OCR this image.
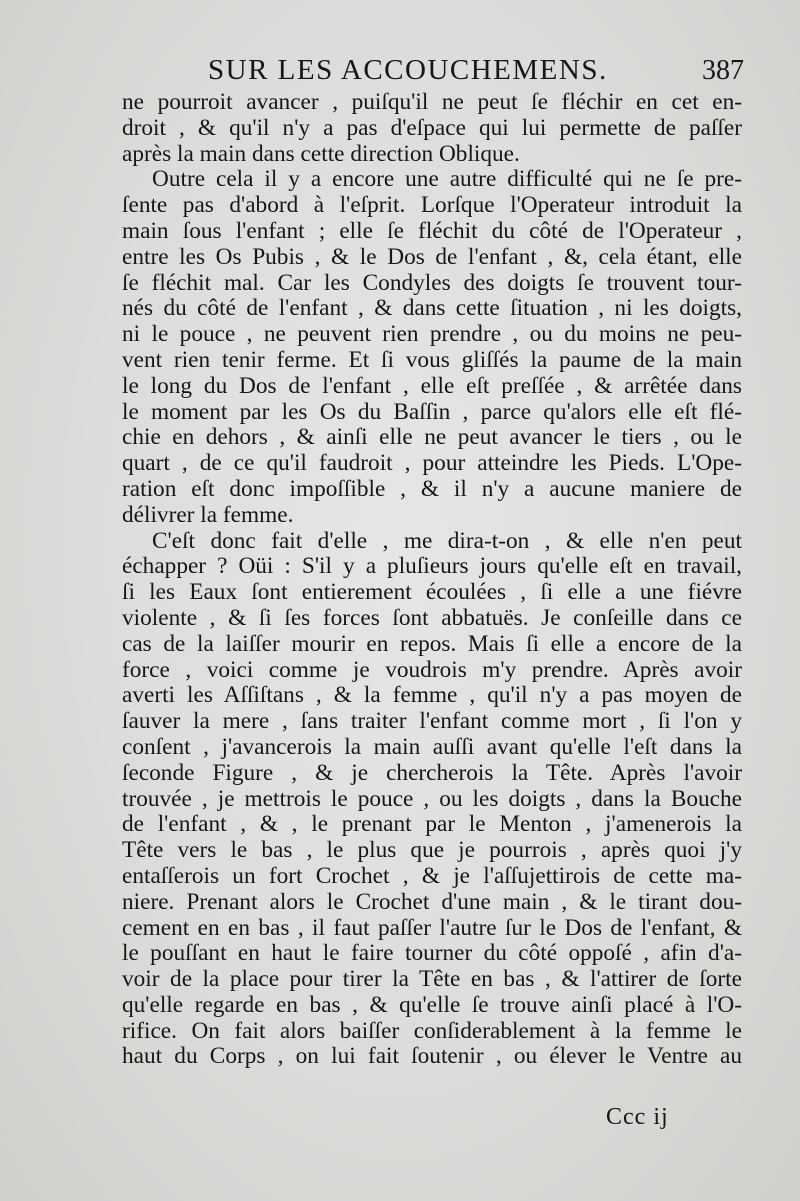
SUR LES ACCOUCHEMENS.	387
ne pourroit avancer , puiſqu'il ne peut ſe fléchir en cet en-
droit , & qu'il n'y a pas d'eſpace qui lui permette de paſſer
après la main dans cette direction Oblique.
Outre cela il y a encore une autre difficulté qui ne ſe pre-
ſente pas d'abord à l'eſprit. Lorſque l'Operateur introduit la
main ſous l'enfant ; elle ſe fléchit du côté de l'Operateur ,
entre les Os Pubis , & le Dos de l'enfant , &, cela étant, elle
ſe fléchit mal. Car les Condyles des doigts ſe trouvent tour-
nés du côté de l'enfant , & dans cette ſituation , ni les doigts,
ni le pouce , ne peuvent rien prendre , ou du moins ne peu-
vent rien tenir ferme. Et ſi vous gliſſés la paume de la main
le long du Dos de l'enfant , elle eſt preſſée , & arrêtée dans
le moment par les Os du Baſſin , parce qu'alors elle eſt flé-
chie en dehors , & ainſi elle ne peut avancer le tiers , ou le
quart , de ce qu'il faudroit , pour atteindre les Pieds. L'Ope-
ration eſt donc impoſſible , & il n'y a aucune maniere de
délivrer la femme.
C'eſt donc fait d'elle , me dira-t-on , & elle n'en peut
échapper ? Oüi : S'il y a pluſieurs jours qu'elle eſt en travail,
ſi les Eaux ſont entierement écoulées , ſi elle a une fiévre
violente , & ſi ſes forces ſont abbatuës. Je conſeille dans ce
cas de la laiſſer mourir en repos. Mais ſi elle a encore de la
force , voici comme je voudrois m'y prendre. Après avoir
averti les Aſſiſtans , & la femme , qu'il n'y a pas moyen de
ſauver la mere , ſans traiter l'enfant comme mort , ſi l'on y
conſent , j'avancerois la main auſſi avant qu'elle l'eſt dans la
ſeconde Figure , & je chercherois la Tête. Après l'avoir
trouvée , je mettrois le pouce , ou les doigts , dans la Bouche
de l'enfant , & , le prenant par le Menton , j'amenerois la
Tête vers le bas , le plus que je pourrois , après quoi j'y
entaſſerois un fort Crochet , & je l'aſſujettirois de cette ma-
niere. Prenant alors le Crochet d'une main , & le tirant dou-
cement en en bas , il faut paſſer l'autre ſur le Dos de l'enfant, &
le pouſſant en haut le faire tourner du côté oppoſé , afin d'a-
voir de la place pour tirer la Tête en bas , & l'attirer de ſorte
qu'elle regarde en bas , & qu'elle ſe trouve ainſi placé à l'O-
rifice. On fait alors baiſſer conſiderablement à la femme le
haut du Corps , on lui fait ſoutenir , ou élever le Ventre au
Ccc ij
